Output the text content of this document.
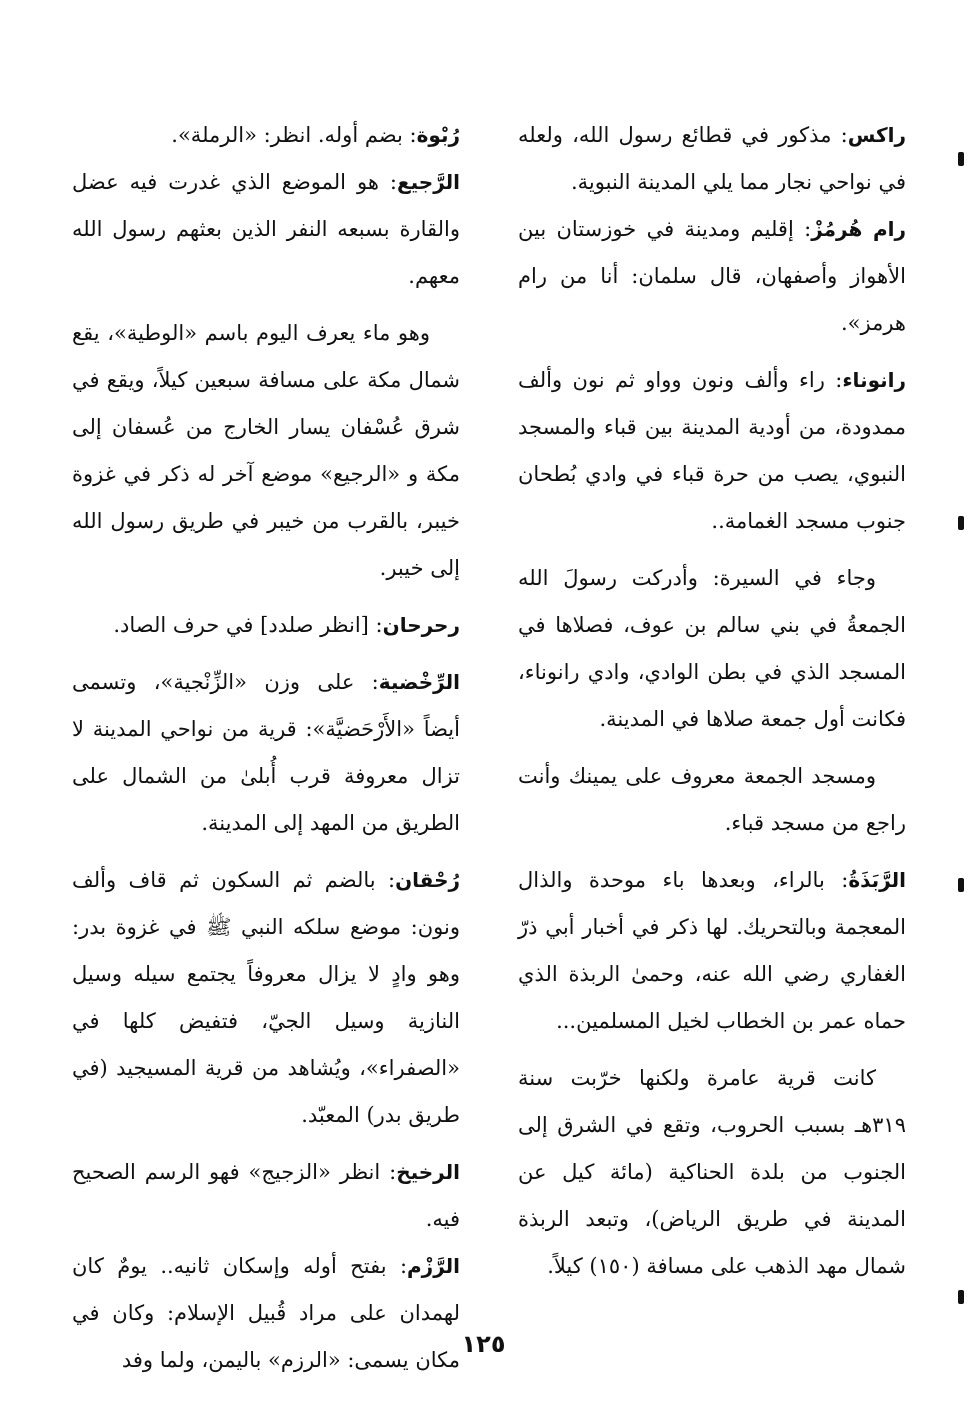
راكس: مذكور في قطائع رسول الله، ولعله في نواحي نجار مما يلي المدينة النبوية.

رام هُرمُزْ: إقليم ومدينة في خوزستان بين الأهواز وأصفهان، قال سلمان: أنا من رام هرمز».

رانوناء: راء وألف ونون وواو ثم نون وألف ممدودة، من أودية المدينة بين قباء والمسجد النبوي، يصب من حرة قباء في وادي بُطحان جنوب مسجد الغمامة..

وجاء في السيرة: وأدركت رسولَ الله الجمعةُ في بني سالم بن عوف، فصلاها في المسجد الذي في بطن الوادي، وادي رانوناء، فكانت أول جمعة صلاها في المدينة.

ومسجد الجمعة معروف على يمينك وأنت راجع من مسجد قباء.

الرَّبَذَةُ: بالراء، وبعدها باء موحدة والذال المعجمة وبالتحريك. لها ذكر في أخبار أبي ذرّ الغفاري رضي الله عنه، وحمىٰ الربذة الذي حماه عمر بن الخطاب لخيل المسلمين...

كانت قرية عامرة ولكنها خرّبت سنة ٣١٩هـ بسبب الحروب، وتقع في الشرق إلى الجنوب من بلدة الحناكية (مائة كيل عن المدينة في طريق الرياض)، وتبعد الربذة شمال مهد الذهب على مسافة (١٥٠) كيلاً.

رُبْوة: بضم أوله. انظر: «الرملة».

الرَّجيع: هو الموضع الذي غدرت فيه عضل والقارة بسبعه النفر الذين بعثهم رسول الله معهم.

وهو ماء يعرف اليوم باسم «الوطية»، يقع شمال مكة على مسافة سبعين كيلاً، ويقع في شرق عُسْفان يسار الخارج من عُسفان إلى مكة و «الرجيع» موضع آخر له ذكر في غزوة خيبر، بالقرب من خيبر في طريق رسول الله إلى خيبر.

رحرحان: [انظر صلدد] في حرف الصاد.

الرِّخْضية: على وزن «الزِّنْجية»، وتسمى أيضاً «الأَرْحَضيَّة»: قرية من نواحي المدينة لا تزال معروفة قرب أُبلىٰ من الشمال على الطريق من المهد إلى المدينة.

رُحْقان: بالضم ثم السكون ثم قاف وألف ونون: موضع سلكه النبي ﷺ في غزوة بدر: وهو وادٍ لا يزال معروفاً يجتمع سيله وسيل النازية وسيل الجيّ، فتفيض كلها في «الصفراء»، ويُشاهد من قرية المسيجيد (في طريق بدر) المعبّد.

الرخيخ: انظر «الزجيج» فهو الرسم الصحيح فيه.

الرَّزْم: بفتح أوله وإسكان ثانيه.. يومٌ كان لهمدان على مراد قُبيل الإسلام: وكان في مكان يسمى: «الرزم» باليمن، ولما وفد

١٢٥
